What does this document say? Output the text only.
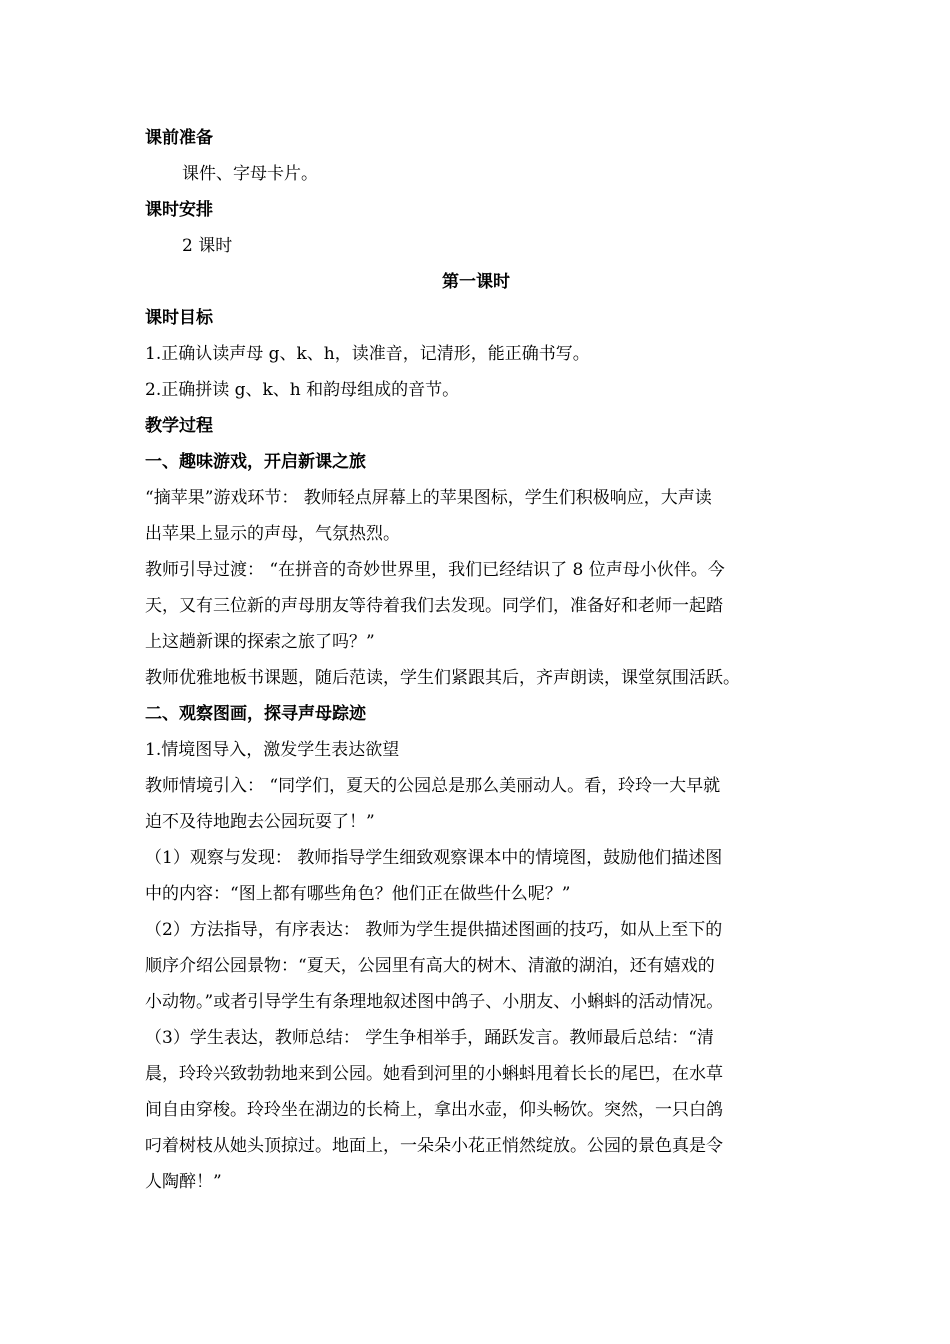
课前准备

课件、字母卡片。

课时安排

2 课时

第一课时

课时目标

1.正确认读声母 g、k、h，读准音，记清形，能正确书写。

2.正确拼读 g、k、h 和韵母组成的音节。

教学过程

一、趣味游戏，开启新课之旅

“摘苹果”游戏环节： 教师轻点屏幕上的苹果图标，学生们积极响应，大声读

出苹果上显示的声母，气氛热烈。

教师引导过渡： “在拼音的奇妙世界里，我们已经结识了 8 位声母小伙伴。今

天，又有三位新的声母朋友等待着我们去发现。同学们，准备好和老师一起踏

上这趟新课的探索之旅了吗？”

教师优雅地板书课题，随后范读，学生们紧跟其后，齐声朗读，课堂氛围活跃。

二、观察图画，探寻声母踪迹

1.情境图导入，激发学生表达欲望

教师情境引入： “同学们，夏天的公园总是那么美丽动人。看，玲玲一大早就

迫不及待地跑去公园玩耍了！”

（1）观察与发现： 教师指导学生细致观察课本中的情境图，鼓励他们描述图

中的内容：“图上都有哪些角色？他们正在做些什么呢？”

（2）方法指导，有序表达： 教师为学生提供描述图画的技巧，如从上至下的

顺序介绍公园景物：“夏天，公园里有高大的树木、清澈的湖泊，还有嬉戏的

小动物。”或者引导学生有条理地叙述图中鸽子、小朋友、小蝌蚪的活动情况。

（3）学生表达，教师总结： 学生争相举手，踊跃发言。教师最后总结：“清

晨，玲玲兴致勃勃地来到公园。她看到河里的小蝌蚪甩着长长的尾巴，在水草

间自由穿梭。玲玲坐在湖边的长椅上，拿出水壶，仰头畅饮。突然，一只白鸽

叼着树枝从她头顶掠过。地面上，一朵朵小花正悄然绽放。公园的景色真是令

人陶醉！”
